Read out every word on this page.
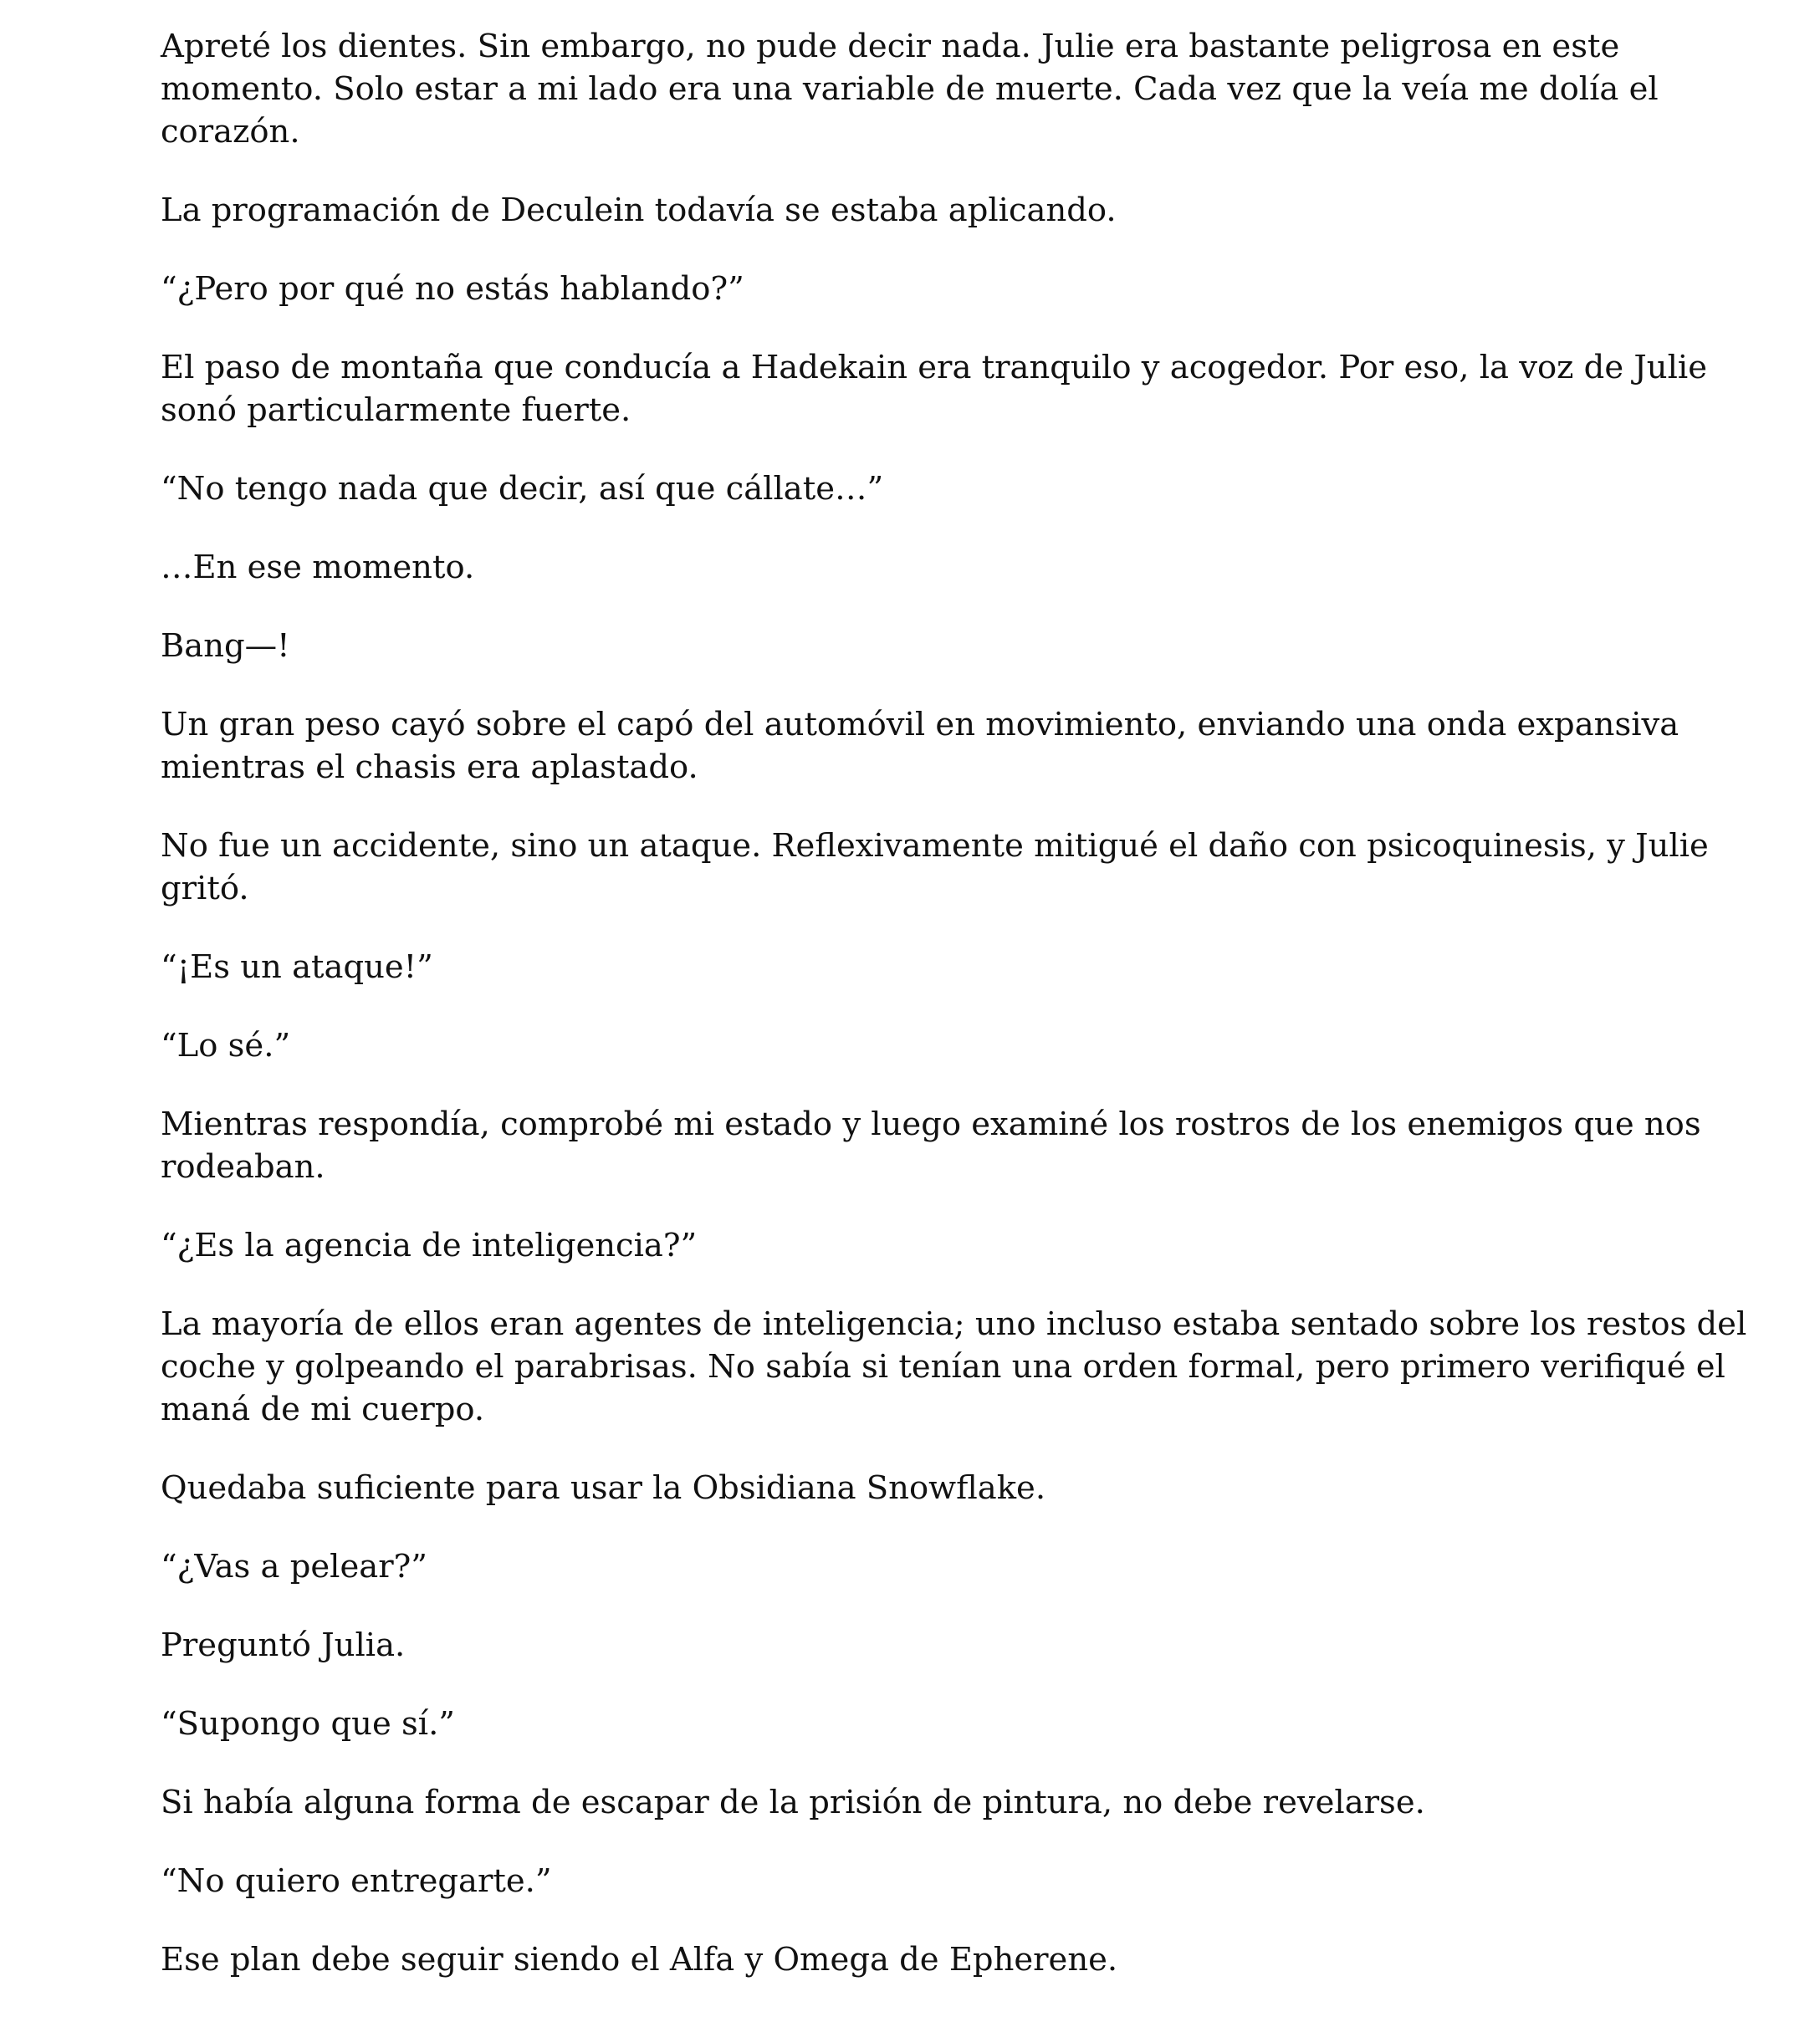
Apreté los dientes. Sin embargo, no pude decir nada. Julie era bastante peligrosa en este momento. Solo estar a mi lado era una variable de muerte. Cada vez que la veía me dolía el corazón.

La programación de Deculein todavía se estaba aplicando.

“¿Pero por qué no estás hablando?”

El paso de montaña que conducía a Hadekain era tranquilo y acogedor. Por eso, la voz de Julie sonó particularmente fuerte.

“No tengo nada que decir, así que cállate…”

…En ese momento.

Bang—!

Un gran peso cayó sobre el capó del automóvil en movimiento, enviando una onda expansiva mientras el chasis era aplastado.

No fue un accidente, sino un ataque. Reflexivamente mitigué el daño con psicoquinesis, y Julie gritó.

“¡Es un ataque!”

“Lo sé.”

Mientras respondía, comprobé mi estado y luego examiné los rostros de los enemigos que nos rodeaban.

“¿Es la agencia de inteligencia?”

La mayoría de ellos eran agentes de inteligencia; uno incluso estaba sentado sobre los restos del coche y golpeando el parabrisas. No sabía si tenían una orden formal, pero primero verifiqué el maná de mi cuerpo.

Quedaba suficiente para usar la Obsidiana Snowflake.

“¿Vas a pelear?”

Preguntó Julia.

“Supongo que sí.”

Si había alguna forma de escapar de la prisión de pintura, no debe revelarse.

“No quiero entregarte.”

Ese plan debe seguir siendo el Alfa y Omega de Epherene.
